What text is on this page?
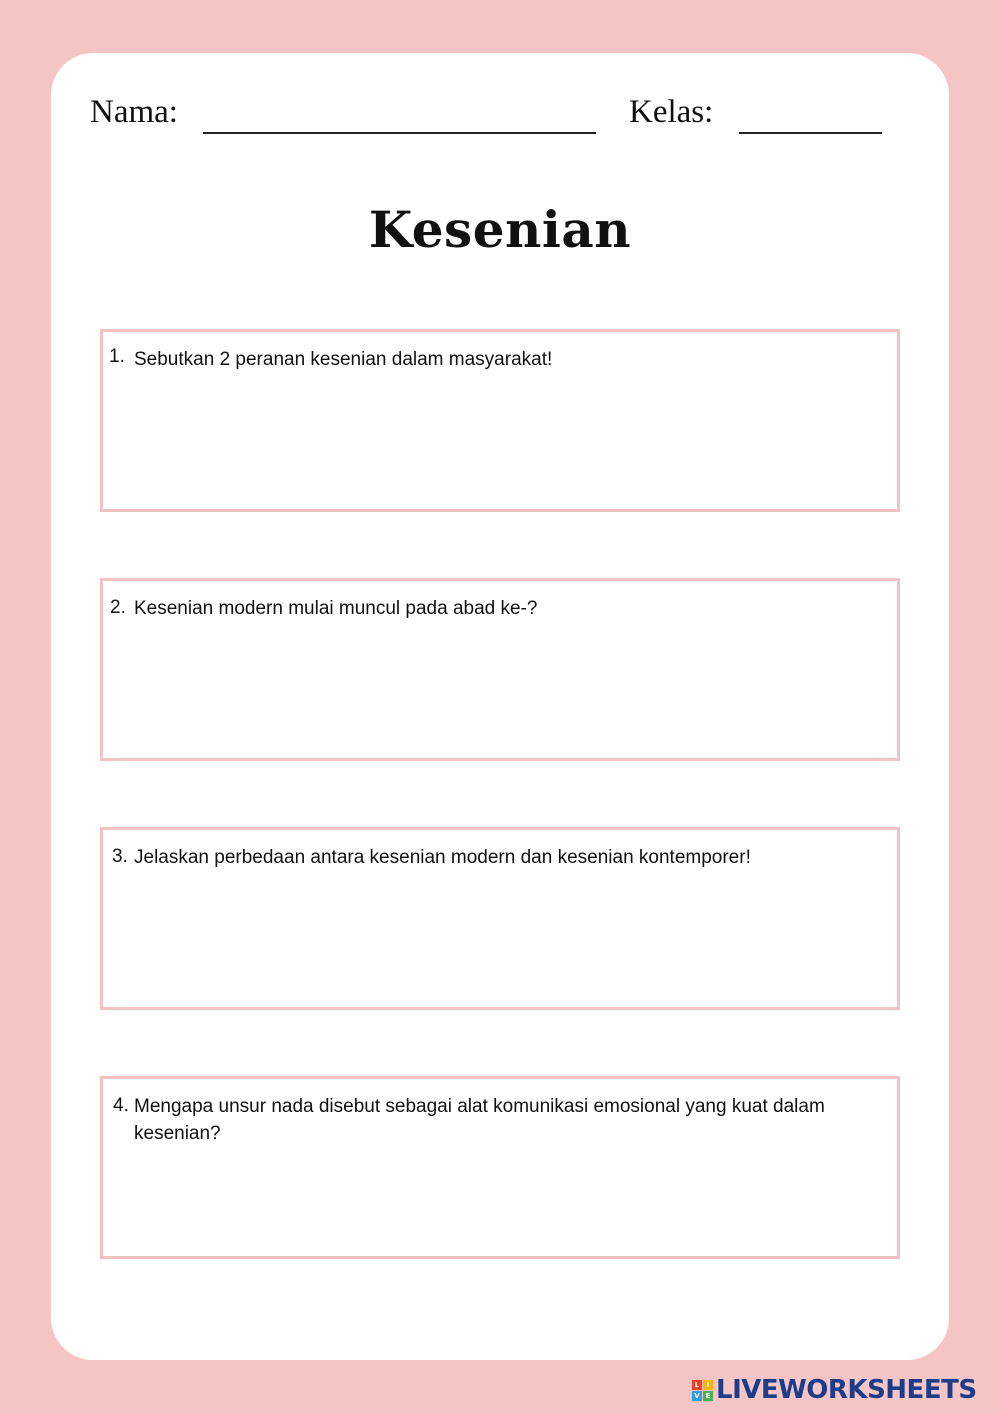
Nama:	Kelas:
Kesenian
1. Sebutkan 2 peranan kesenian dalam masyarakat!
2. Kesenian modern mulai muncul pada abad ke-?
3. Jelaskan perbedaan antara kesenian modern dan kesenian kontemporer!
4. Mengapa unsur nada disebut sebagai alat komunikasi emosional yang kuat dalam kesenian?
L	I
V E LIVEWORKSHEETS
